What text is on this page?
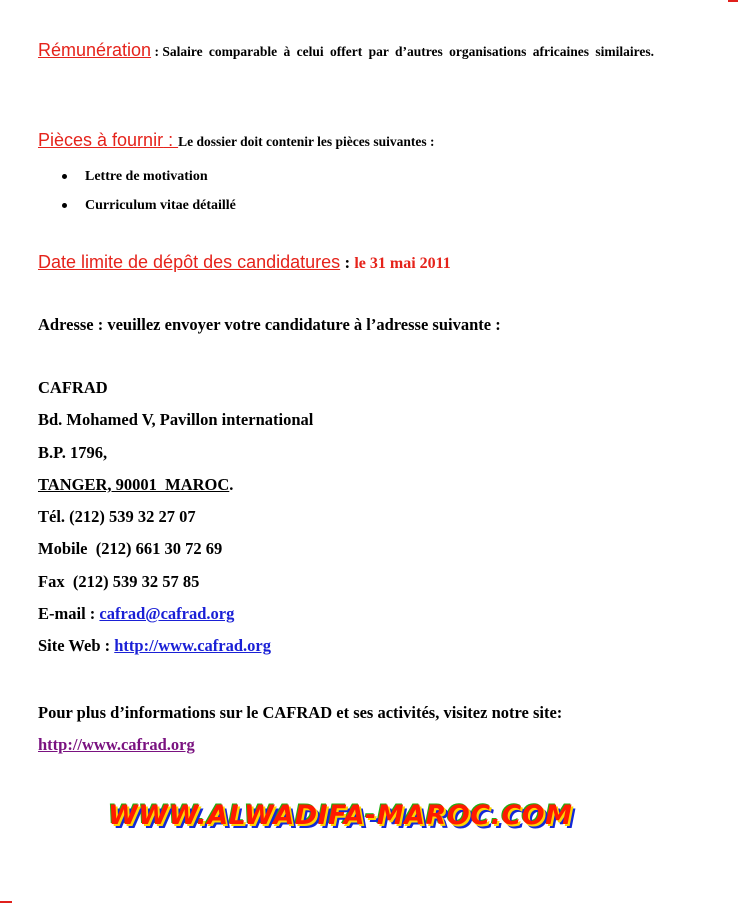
Rémunération : Salaire comparable à celui offert par d’autres organisations africaines similaires.
Pièces à fournir : Le dossier doit contenir les pièces suivantes :
Lettre de motivation
Curriculum vitae détaillé
Date limite de dépôt des candidatures : le 31 mai 2011
Adresse : veuillez envoyer votre candidature à l’adresse suivante :
CAFRAD
Bd. Mohamed V, Pavillon international
B.P. 1796,
TANGER, 90001  MAROC.
Tél. (212) 539 32 27 07
Mobile  (212) 661 30 72 69
Fax  (212) 539 32 57 85
E-mail : cafrad@cafrad.org
Site Web : http://www.cafrad.org
Pour plus d’informations sur le CAFRAD et ses activités, visitez notre site:
http://www.cafrad.org
WWW.ALWADIFA-MAROC.COM
